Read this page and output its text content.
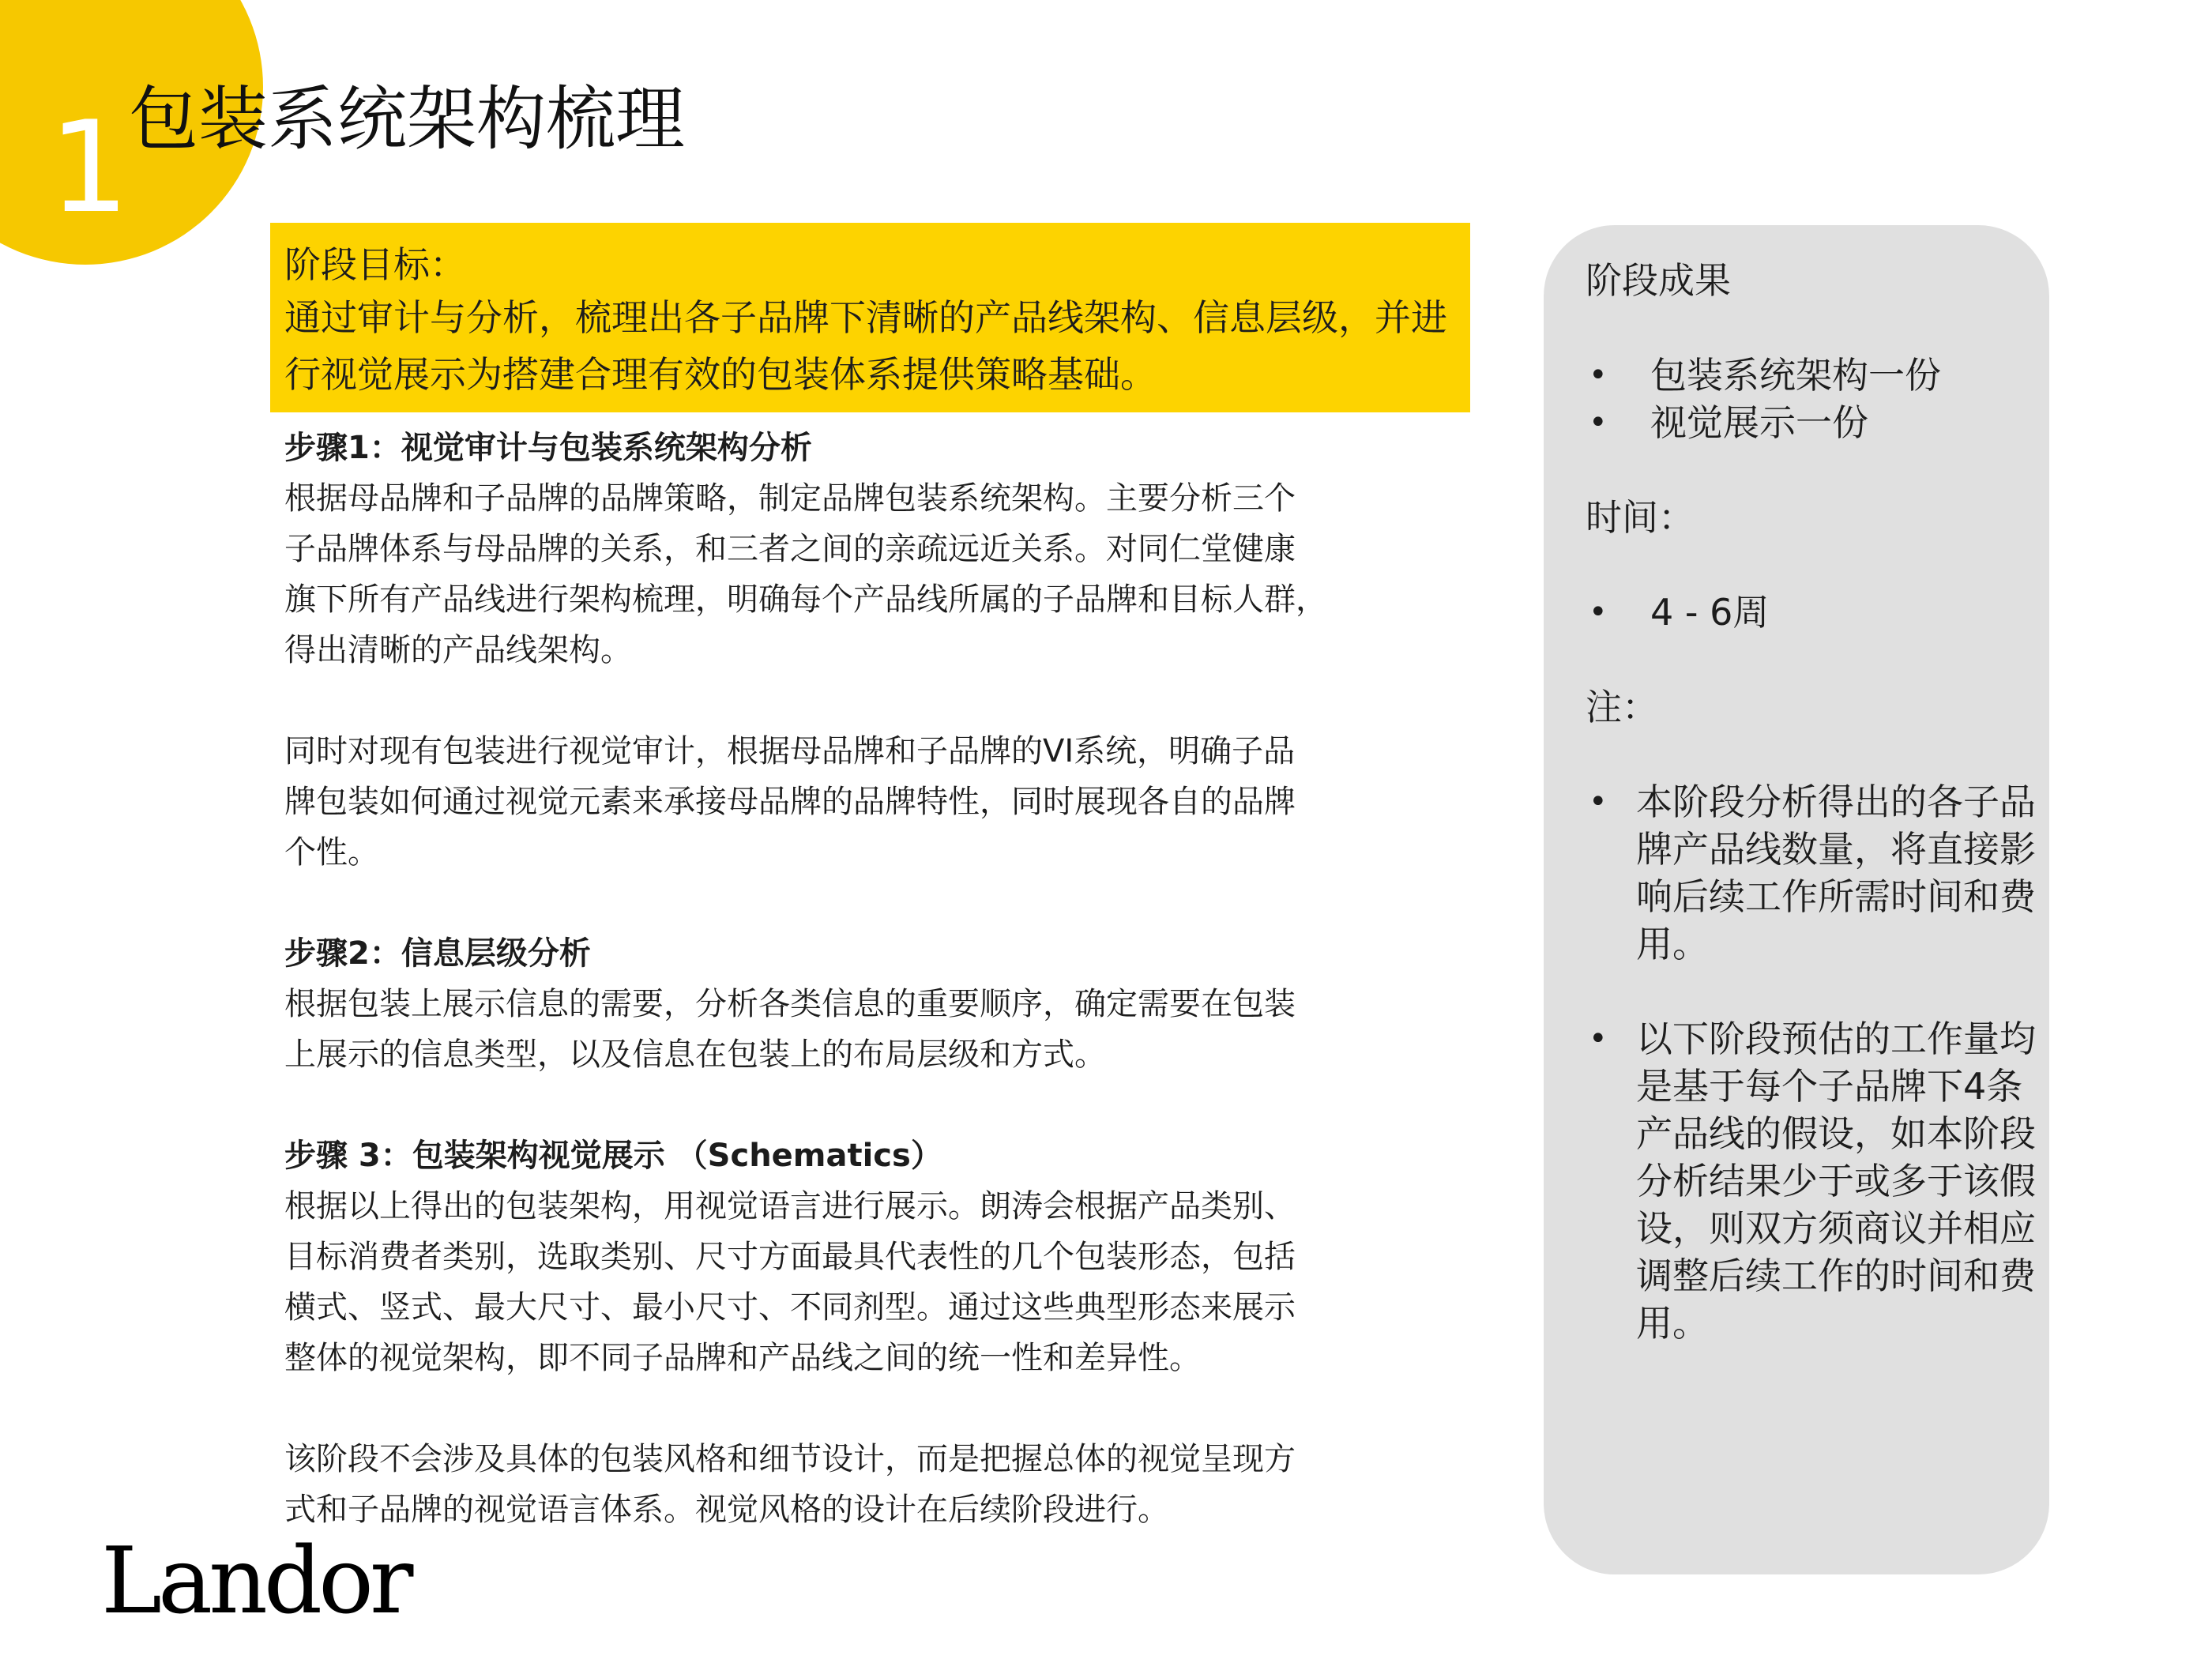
1 包装系统架构梳理
阶段目标：
通过审计与分析，梳理出各子品牌下清晰的产品线架构、信息层级，并进行视觉展示为搭建合理有效的包装体系提供策略基础。
步骤1：视觉审计与包装系统架构分析
根据母品牌和子品牌的品牌策略，制定品牌包装系统架构。主要分析三个
子品牌体系与母品牌的关系，和三者之间的亲疏远近关系。对同仁堂健康
旗下所有产品线进行架构梳理，明确每个产品线所属的子品牌和目标人群，
得出清晰的产品线架构。
同时对现有包装进行视觉审计，根据母品牌和子品牌的VI系统，明确子品
牌包装如何通过视觉元素来承接母品牌的品牌特性，同时展现各自的品牌
个性。
步骤2：信息层级分析
根据包装上展示信息的需要，分析各类信息的重要顺序，确定需要在包装
上展示的信息类型，以及信息在包装上的布局层级和方式。
步骤 3：包装架构视觉展示 （Schematics）
根据以上得出的包装架构，用视觉语言进行展示。朗涛会根据产品类别、
目标消费者类别，选取类别、尺寸方面最具代表性的几个包装形态，包括
横式、竖式、最大尺寸、最小尺寸、不同剂型。通过这些典型形态来展示
整体的视觉架构，即不同子品牌和产品线之间的统一性和差异性。
该阶段不会涉及具体的包装风格和细节设计，而是把握总体的视觉呈现方
式和子品牌的视觉语言体系。视觉风格的设计在后续阶段进行。
阶段成果
• 包装系统架构一份
• 视觉展示一份
时间：
• 4 - 6周
注：
• 本阶段分析得出的各子品牌产品线数量，将直接影响后续工作所需时间和费用。
• 以下阶段预估的工作量均是基于每个子品牌下4条产品线的假设，如本阶段分析结果少于或多于该假设，则双方须商议并相应调整后续工作的时间和费用。
Landor
